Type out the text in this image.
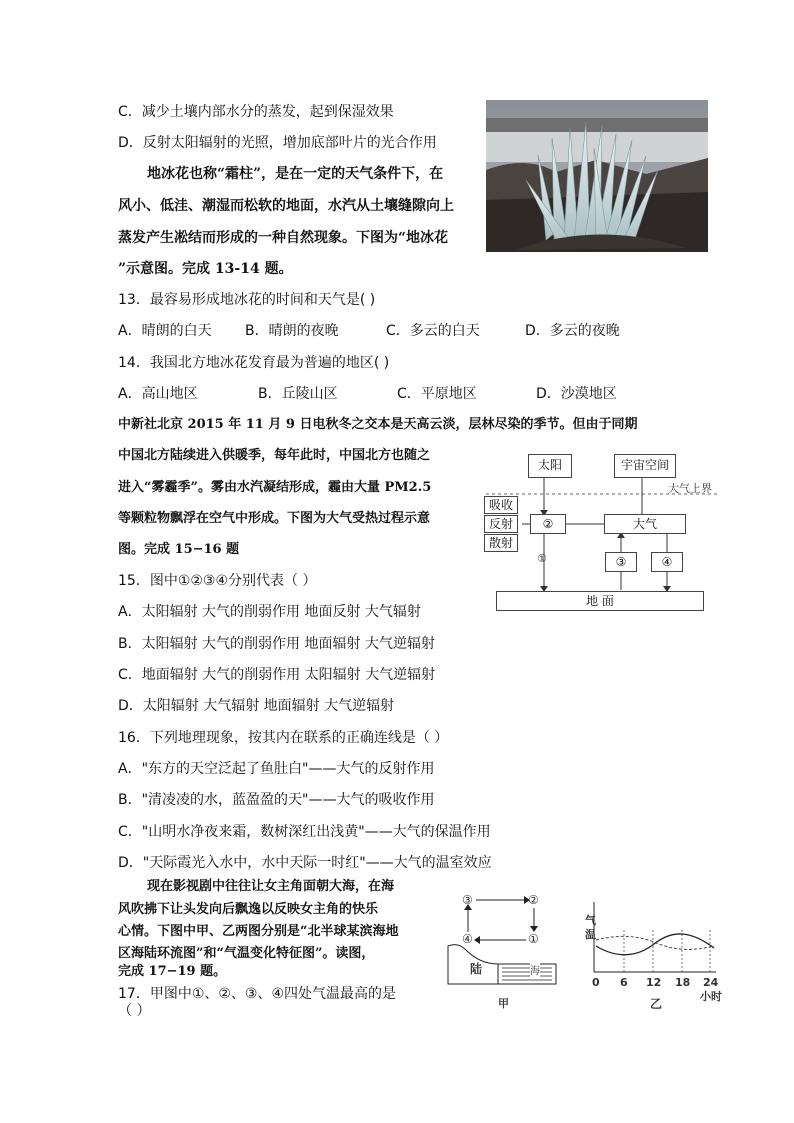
C．减少土壤内部水分的蒸发，起到保湿效果
D．反射太阳辐射的光照，增加底部叶片的光合作用
地冰花也称“霜柱”，是在一定的天气条件下，在
风小、低洼、潮湿而松软的地面，水汽从土壤缝隙向上
蒸发产生凇结而形成的一种自然现象。下图为“地冰花
”示意图。完成 13-14 题。
13．最容易形成地冰花的时间和天气是( )
A．晴朗的白天 B．晴朗的夜晚	C．多云的白天	D．多云的夜晚
14．我国北方地冰花发育最为普遍的地区( )
A．高山地区	B．丘陵山区	C．平原地区	D．沙漠地区
中新社北京 2015 年 11 月 9 日电秋冬之交本是天高云淡，层林尽染的季节。但由于同期
中国北方陆续进入供暖季，每年此时，中国北方也随之
进入“雾霾季”。雾由水汽凝结形成，霾由大量 PM2.5
等颗粒物飘浮在空气中形成。下图为大气受热过程示意
图。完成 15−16 题
太阳	宇宙空间
大气上界
吸收
反射
散射
②
①
大气
③	④
地 面
15．图中①②③④分别代表（ ）
A．太阳辐射 大气的削弱作用 地面反射 大气辐射
B．太阳辐射 大气的削弱作用 地面辐射 大气逆辐射
C．地面辐射 大气的削弱作用 太阳辐射 大气逆辐射
D．太阳辐射 大气辐射 地面辐射 大气逆辐射
16．下列地理现象，按其内在联系的正确连线是（ ）
A．"东方的天空泛起了鱼肚白"——大气的反射作用
B．"清凌凌的水，蓝盈盈的天"——大气的吸收作用
C．"山明水净夜来霜，数树深红出浅黄"——大气的保温作用
D．"天际霞光入水中，水中天际一时红"——大气的温室效应
现在影视剧中往往让女主角面朝大海，在海
风吹拂下让头发向后飘逸以反映女主角的快乐
心情。下图中甲、乙两图分别是“北半球某滨海地
区海陆环流图”和“气温变化特征图”。读图，
完成 17−19 题。
17．甲图中①、②、③、④四处气温最高的是
（ ）
③	②
④	①
陆	海
甲
气
温
0 6 12 18 24
小时
乙
